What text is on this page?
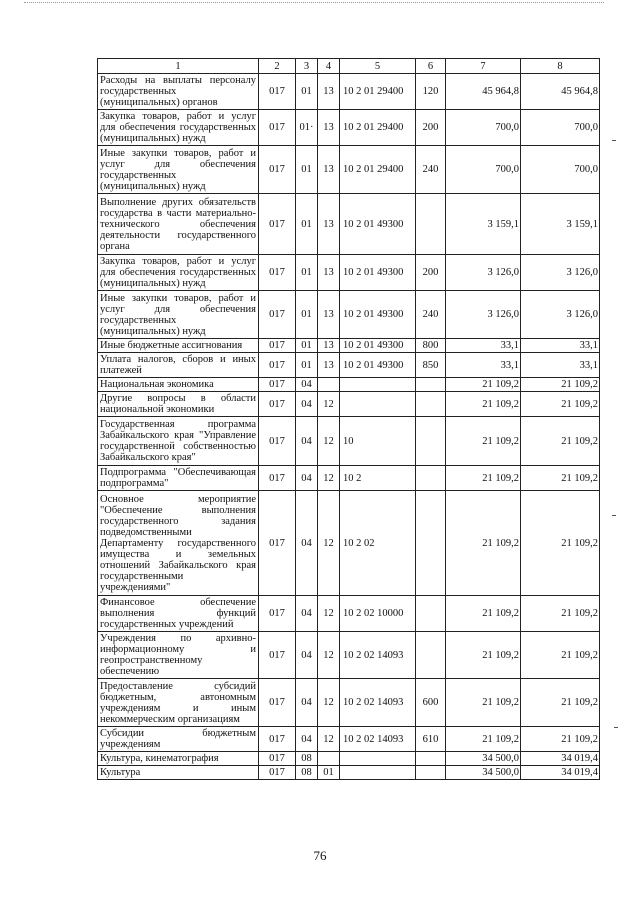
1	2	3	4	5	6	7	8
Расходы на выплаты персоналу государственных (муниципальных) органов	017	01	13	10 2 01 29400	120	45 964,8	45 964,8
Закупка товаров, работ и услуг для обеспечения государственных (муниципальных) нужд	017	01·	13	10 2 01 29400	200	700,0	700,0
Иные закупки товаров, работ и услуг для обеспечения государственных (муниципальных) нужд	017	01	13	10 2 01 29400	240	700,0	700,0
Выполнение других обязательств государства в части материально-технического обеспечения деятельности государственного органа	017	01	13	10 2 01 49300		3 159,1	3 159,1
Закупка товаров, работ и услуг для обеспечения государственных (муниципальных) нужд	017	01	13	10 2 01 49300	200	3 126,0	3 126,0
Иные закупки товаров, работ и услуг для обеспечения государственных (муниципальных) нужд	017	01	13	10 2 01 49300	240	3 126,0	3 126,0
Иные бюджетные ассигнования	017	01	13	10 2 01 49300	800	33,1	33,1
Уплата налогов, сборов и иных платежей	017	01	13	10 2 01 49300	850	33,1	33,1
Национальная экономика	017	04				21 109,2	21 109,2
Другие вопросы в области национальной экономики	017	04	12			21 109,2	21 109,2
Государственная программа Забайкальского края "Управление государственной собственностью Забайкальского края"	017	04	12	10		21 109,2	21 109,2
Подпрограмма "Обеспечивающая подпрограмма"	017	04	12	10 2		21 109,2	21 109,2
Основное мероприятие "Обеспечение выполнения государственного задания подведомственными Департаменту государственного имущества и земельных отношений Забайкальского края государственными учреждениями"	017	04	12	10 2 02		21 109,2	21 109,2
Финансовое обеспечение выполнения функций государственных учреждений	017	04	12	10 2 02 10000		21 109,2	21 109,2
Учреждения по архивно-информационному и геопространственному обеспечению	017	04	12	10 2 02 14093		21 109,2	21 109,2
Предоставление субсидий бюджетным, автономным учреждениям и иным некоммерческим организациям	017	04	12	10 2 02 14093	600	21 109,2	21 109,2
Субсидии бюджетным учреждениям	017	04	12	10 2 02 14093	610	21 109,2	21 109,2
Культура, кинематография	017	08				34 500,0	34 019,4
Культура	017	08	01			34 500,0	34 019,4
76
